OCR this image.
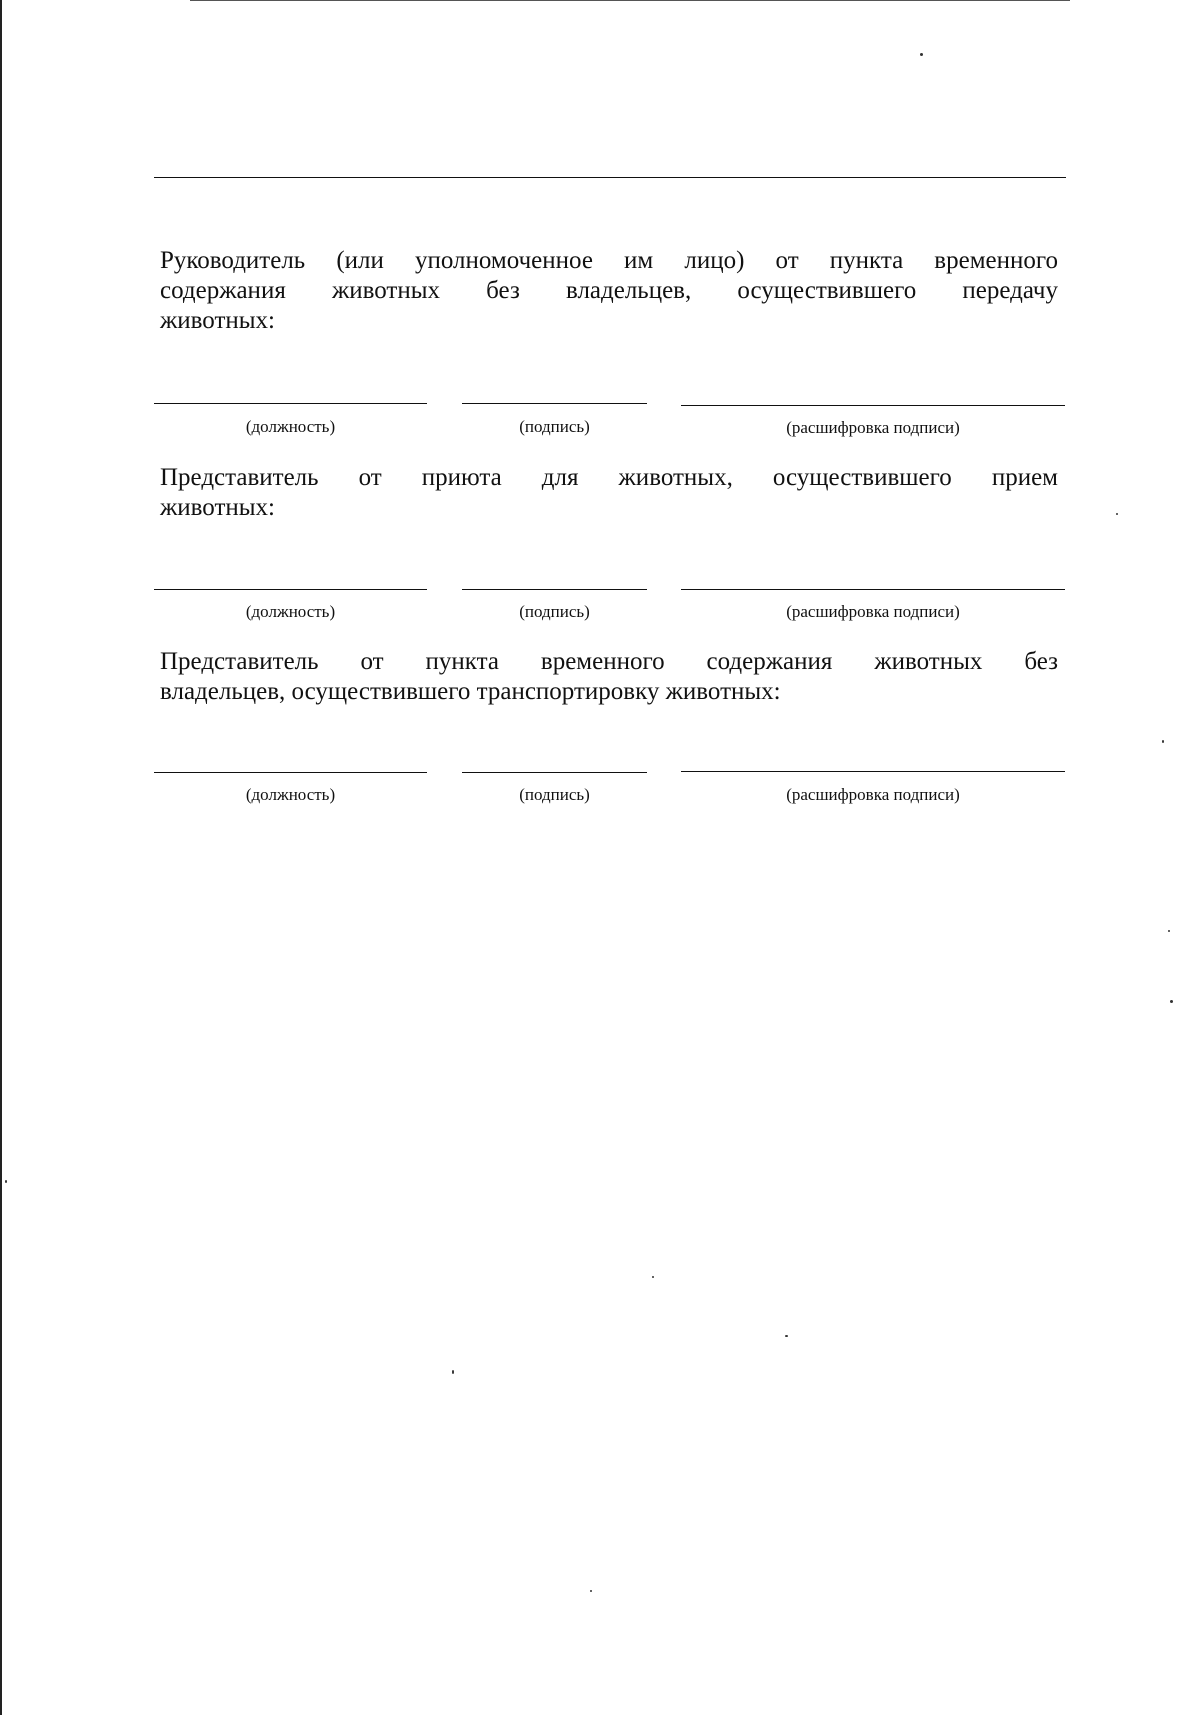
Руководитель (или уполномоченное им лицо) от пункта временного
содержания животных без владельцев, осуществившего передачу
животных:

(должность)	(подпись)	(расшифровка подписи)

Представитель от приюта для животных, осуществившего прием
животных:

(должность)	(подпись)	(расшифровка подписи)

Представитель от пункта временного содержания животных без
владельцев, осуществившего транспортировку животных:

(должность)	(подпись)	(расшифровка подписи)
